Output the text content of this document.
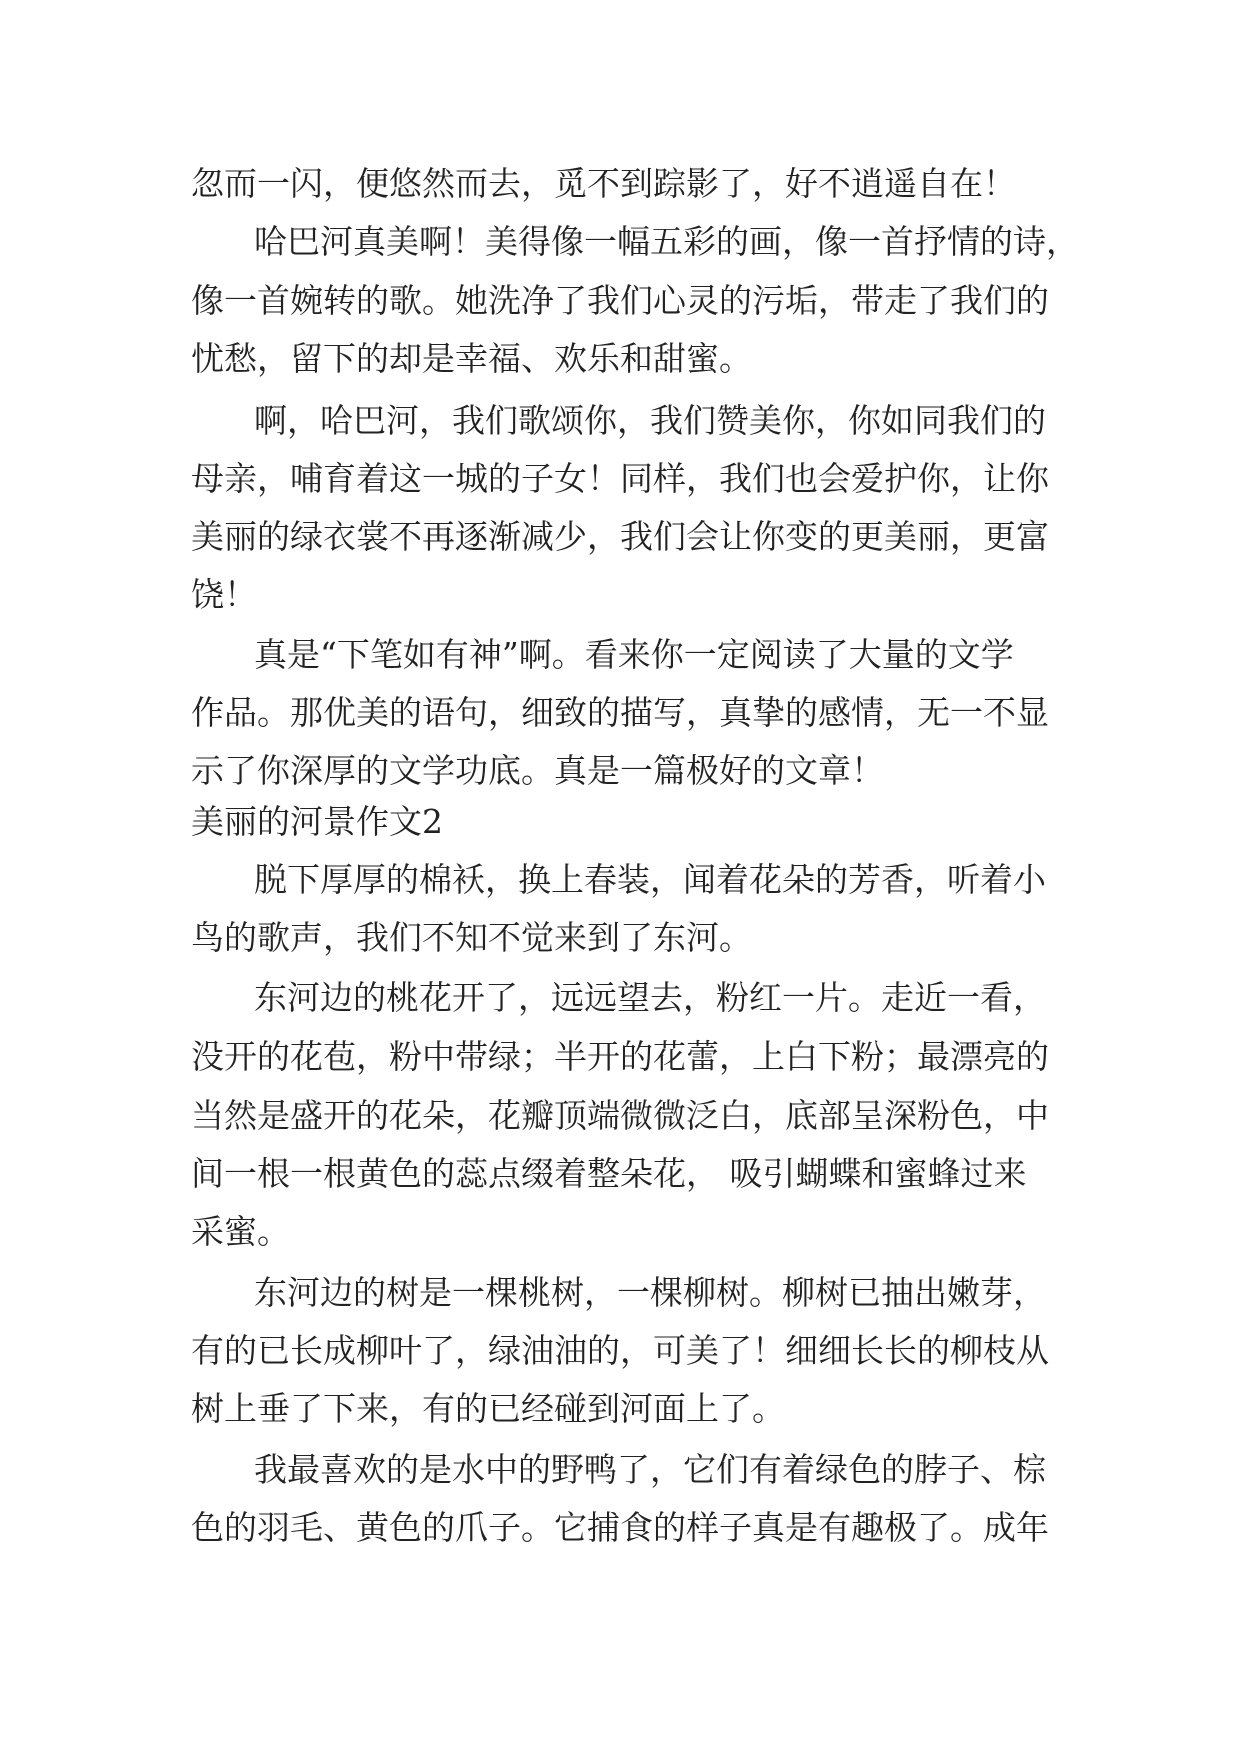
忽而一闪，便悠然而去，觅不到踪影了，好不逍遥自在！

哈巴河真美啊！美得像一幅五彩的画，像一首抒情的诗，

像一首婉转的歌。她洗净了我们心灵的污垢，带走了我们的

忧愁，留下的却是幸福、欢乐和甜蜜。

啊，哈巴河，我们歌颂你，我们赞美你，你如同我们的

母亲，哺育着这一城的子女！同样，我们也会爱护你，让你

美丽的绿衣裳不再逐渐减少，我们会让你变的更美丽，更富

饶！

真是“下笔如有神”啊。看来你一定阅读了大量的文学

作品。那优美的语句，细致的描写，真挚的感情，无一不显

示了你深厚的文学功底。真是一篇极好的文章！

美丽的河景作文2

脱下厚厚的棉袄，换上春装，闻着花朵的芳香，听着小

鸟的歌声，我们不知不觉来到了东河。

东河边的桃花开了，远远望去，粉红一片。走近一看，

没开的花苞，粉中带绿；半开的花蕾，上白下粉；最漂亮的

当然是盛开的花朵，花瓣顶端微微泛白，底部呈深粉色，中

间一根一根黄色的蕊点缀着整朵花， 吸引蝴蝶和蜜蜂过来

采蜜。

东河边的树是一棵桃树，一棵柳树。柳树已抽出嫩芽，

有的已长成柳叶了，绿油油的，可美了！细细长长的柳枝从

树上垂了下来，有的已经碰到河面上了。

我最喜欢的是水中的野鸭了，它们有着绿色的脖子、棕

色的羽毛、黄色的爪子。它捕食的样子真是有趣极了。成年
